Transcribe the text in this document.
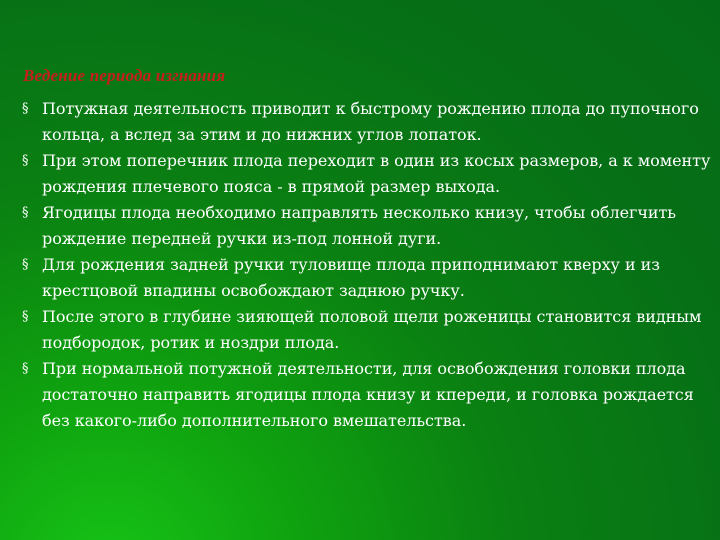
Ведение периода изгнания
§ Потужная деятельность приводит к быстрому рождению плода до пупочного кольца, а вслед за этим и до нижних углов лопаток.
§ При этом поперечник плода переходит в один из косых размеров, а к моменту рождения плечевого пояса ‑ в прямой размер выхода.
§ Ягодицы плода необходимо направлять несколько книзу, чтобы облегчить рождение передней ручки из‑под лонной дуги.
§ Для рождения задней ручки туловище плода приподнимают кверху и из крестцовой впадины освобождают заднюю ручку.
§ После этого в глубине зияющей половой щели роженицы становится видным подбородок, ротик и ноздри плода.
§ При нормальной потужной деятельности, для освобождения головки плода достаточно направить ягодицы плода книзу и кпереди, и головка рождается без какого‑либо дополнительного вмешательства.
